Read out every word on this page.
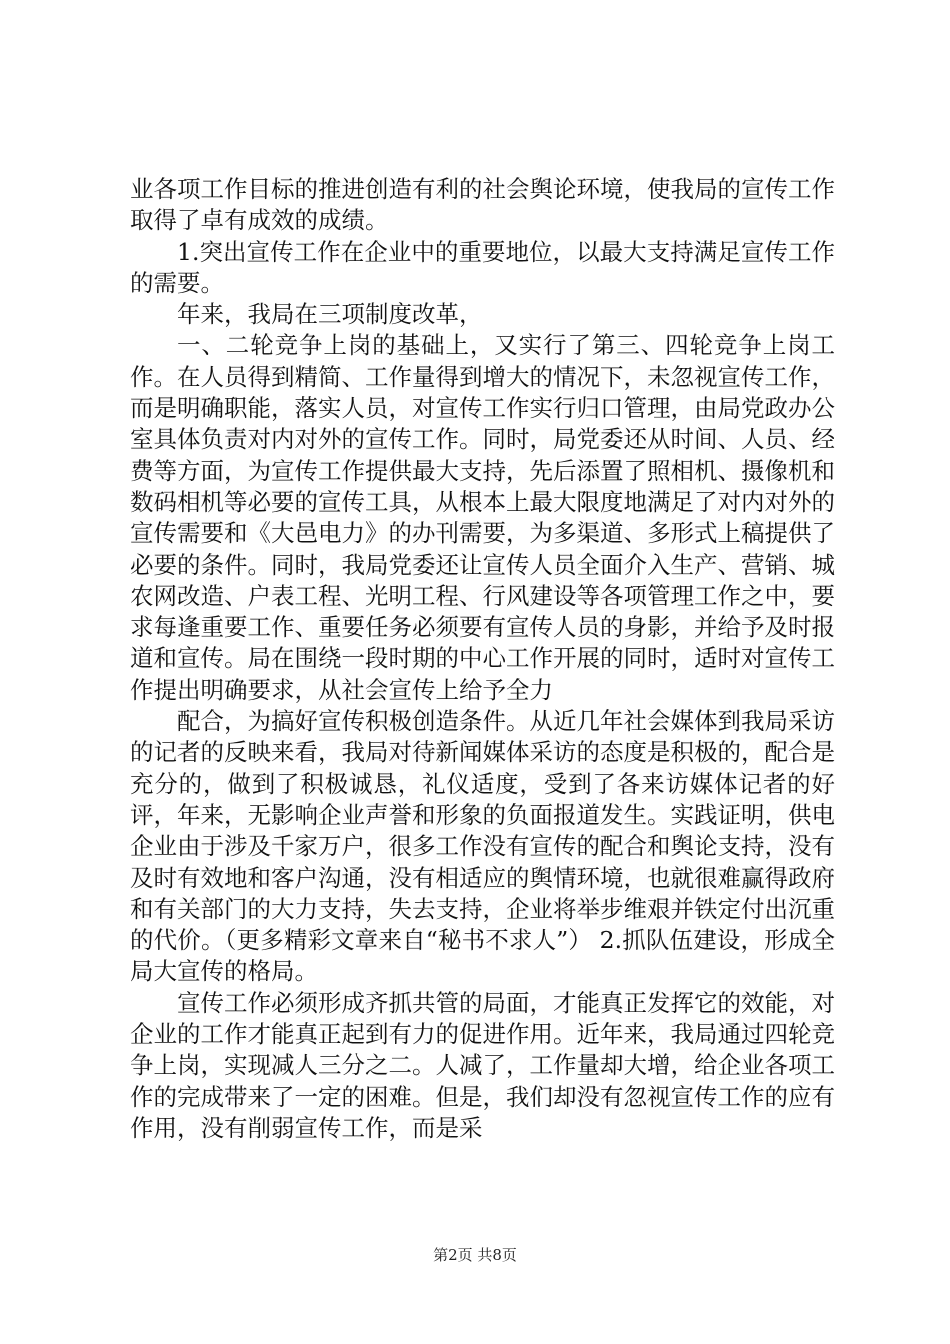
业各项工作目标的推进创造有利的社会舆论环境，使我局的宣传工作取得了卓有成效的成绩。

1.突出宣传工作在企业中的重要地位，以最大支持满足宣传工作的需要。

年来，我局在三项制度改革，

一、二轮竞争上岗的基础上，又实行了第三、四轮竞争上岗工作。在人员得到精简、工作量得到增大的情况下，未忽视宣传工作，而是明确职能，落实人员，对宣传工作实行归口管理，由局党政办公室具体负责对内对外的宣传工作。同时，局党委还从时间、人员、经费等方面，为宣传工作提供最大支持，先后添置了照相机、摄像机和数码相机等必要的宣传工具，从根本上最大限度地满足了对内对外的宣传需要和《大邑电力》的办刊需要，为多渠道、多形式上稿提供了必要的条件。同时，我局党委还让宣传人员全面介入生产、营销、城农网改造、户表工程、光明工程、行风建设等各项管理工作之中，要求每逢重要工作、重要任务必须要有宣传人员的身影，并给予及时报道和宣传。局在围绕一段时期的中心工作开展的同时，适时对宣传工作提出明确要求，从社会宣传上给予全力

配合，为搞好宣传积极创造条件。从近几年社会媒体到我局采访的记者的反映来看，我局对待新闻媒体采访的态度是积极的，配合是充分的，做到了积极诚恳，礼仪适度，受到了各来访媒体记者的好评，年来，无影响企业声誉和形象的负面报道发生。实践证明，供电企业由于涉及千家万户，很多工作没有宣传的配合和舆论支持，没有及时有效地和客户沟通，没有相适应的舆情环境，也就很难赢得政府和有关部门的大力支持，失去支持，企业将举步维艰并铁定付出沉重的代价。（更多精彩文章来自“秘书不求人”） 2.抓队伍建设，形成全局大宣传的格局。

宣传工作必须形成齐抓共管的局面，才能真正发挥它的效能，对企业的工作才能真正起到有力的促进作用。近年来，我局通过四轮竞争上岗，实现减人三分之二。人减了，工作量却大增，给企业各项工作的完成带来了一定的困难。但是，我们却没有忽视宣传工作的应有作用，没有削弱宣传工作，而是采

第2页 共8页
